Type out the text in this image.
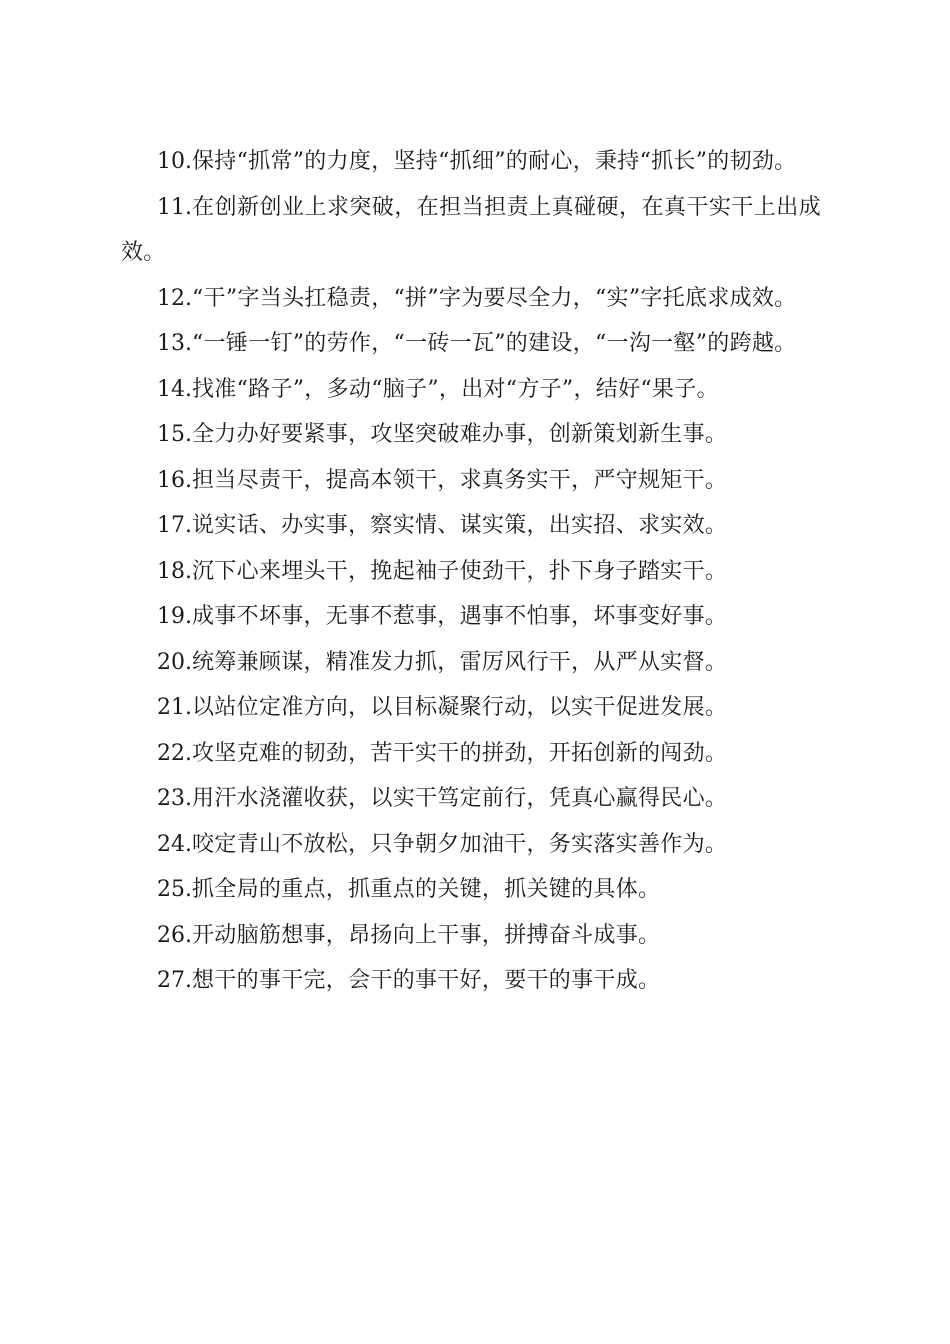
10.保持“抓常”的力度，坚持“抓细”的耐心，秉持“抓长”的韧劲。

11.在创新创业上求突破，在担当担责上真碰硬，在真干实干上出成效。

12.“干”字当头扛稳责，“拼”字为要尽全力，“实”字托底求成效。

13.“一锤一钉”的劳作，“一砖一瓦”的建设，“一沟一壑”的跨越。

14.找准“路子”，多动“脑子”，出对“方子”，结好“果子。

15.全力办好要紧事，攻坚突破难办事，创新策划新生事。

16.担当尽责干，提高本领干，求真务实干，严守规矩干。

17.说实话、办实事，察实情、谋实策，出实招、求实效。

18.沉下心来埋头干，挽起袖子使劲干，扑下身子踏实干。

19.成事不坏事，无事不惹事，遇事不怕事，坏事变好事。

20.统筹兼顾谋，精准发力抓，雷厉风行干，从严从实督。

21.以站位定准方向，以目标凝聚行动，以实干促进发展。

22.攻坚克难的韧劲，苦干实干的拼劲，开拓创新的闯劲。

23.用汗水浇灌收获，以实干笃定前行，凭真心赢得民心。

24.咬定青山不放松，只争朝夕加油干，务实落实善作为。

25.抓全局的重点，抓重点的关键，抓关键的具体。

26.开动脑筋想事，昂扬向上干事，拼搏奋斗成事。

27.想干的事干完，会干的事干好，要干的事干成。
